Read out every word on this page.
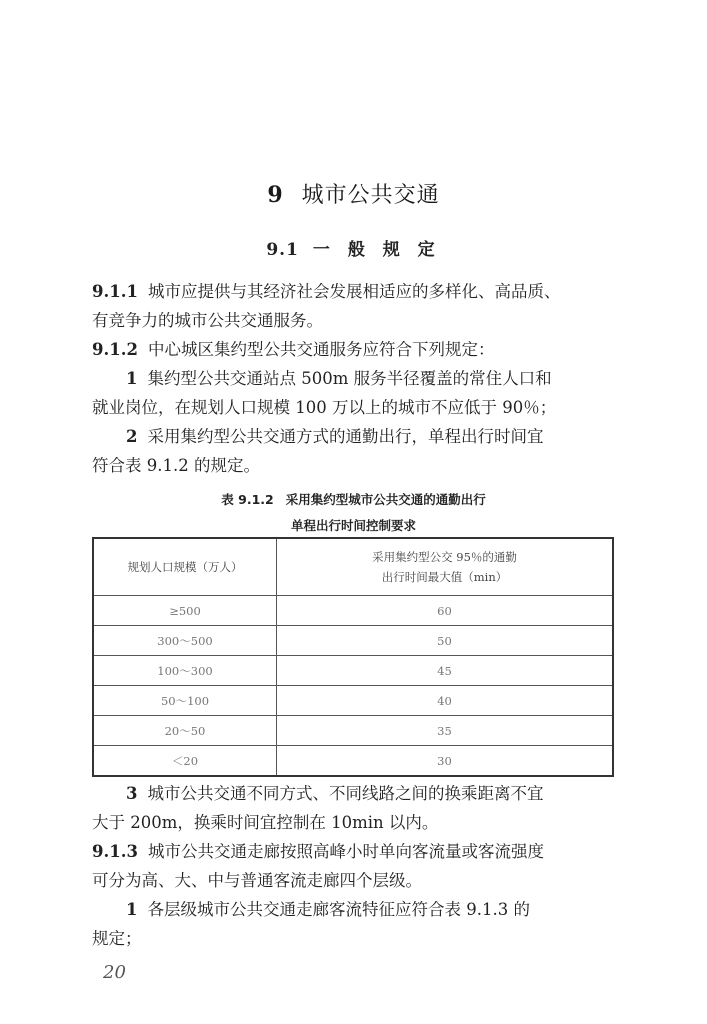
9 城市公共交通
9.1 一 般 规 定

9.1.1 城市应提供与其经济社会发展相适应的多样化、高品质、

有竞争力的城市公共交通服务。

9.1.2 中心城区集约型公共交通服务应符合下列规定：

1 集约型公共交通站点 500m 服务半径覆盖的常住人口和

就业岗位，在规划人口规模 100 万以上的城市不应低于 90％；

2 采用集约型公共交通方式的通勤出行，单程出行时间宜

符合表 9.1.2 的规定。

表 9.1.2 采用集约型城市公共交通的通勤出行
单程出行时间控制要求
规划人口规模（万人）	采用集约型公交 95％的通勤
出行时间最大值（min）

≥500	60
300～500	50
100～300	45
50～100	40
20～50	35
＜20	30

3 城市公共交通不同方式、不同线路之间的换乘距离不宜

大于 200m，换乘时间宜控制在 10min 以内。

9.1.3 城市公共交通走廊按照高峰小时单向客流量或客流强度

可分为高、大、中与普通客流走廊四个层级。

1 各层级城市公共交通走廊客流特征应符合表 9.1.3 的

规定；

20
